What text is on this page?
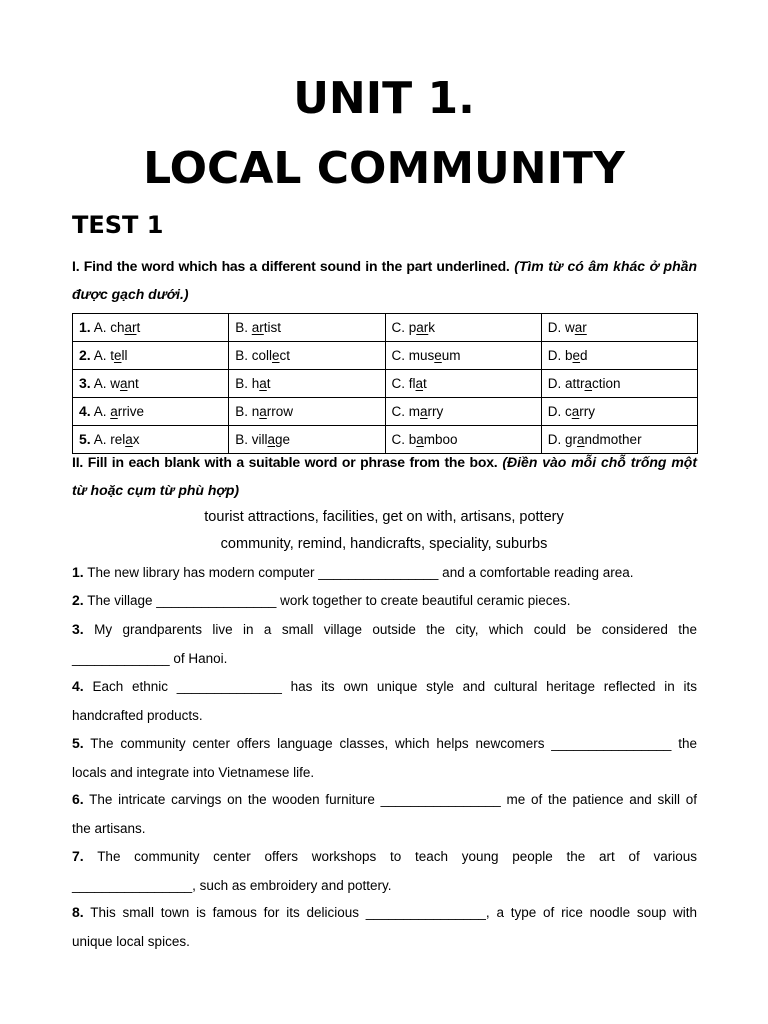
UNIT 1.
LOCAL COMMUNITY
TEST 1

I. Find the word which has a different sound in the part underlined. (Tìm từ có âm khác ở phần được gạch dưới.)

1. A. chart	B. artist	C. park	D. war
2. A. tell	B. collect	C. museum	D. bed
3. A. want	B. hat	C. flat	D. attraction
4. A. arrive	B. narrow	C. marry	D. carry
5. A. relax	B. village	C. bamboo	D. grandmother

II. Fill in each blank with a suitable word or phrase from the box. (Điền vào mỗi chỗ trống một từ hoặc cụm từ phù hợp)

tourist attractions, facilities, get on with, artisans, pottery

community, remind, handicrafts, speciality, suburbs

1. The new library has modern computer ________________ and a comfortable reading area.

2. The village ________________ work together to create beautiful ceramic pieces.

3. My grandparents live in a small village outside the city, which could be considered the
_____________ of Hanoi.

4. Each ethnic ______________ has its own unique style and cultural heritage reflected in its
handcrafted products.

5. The community center offers language classes, which helps newcomers ________________ the
locals and integrate into Vietnamese life.

6. The intricate carvings on the wooden furniture ________________ me of the patience and skill of
the artisans.

7. The community center offers workshops to teach young people the art of various
________________, such as embroidery and pottery.

8. This small town is famous for its delicious ________________, a type of rice noodle soup with
unique local spices.
